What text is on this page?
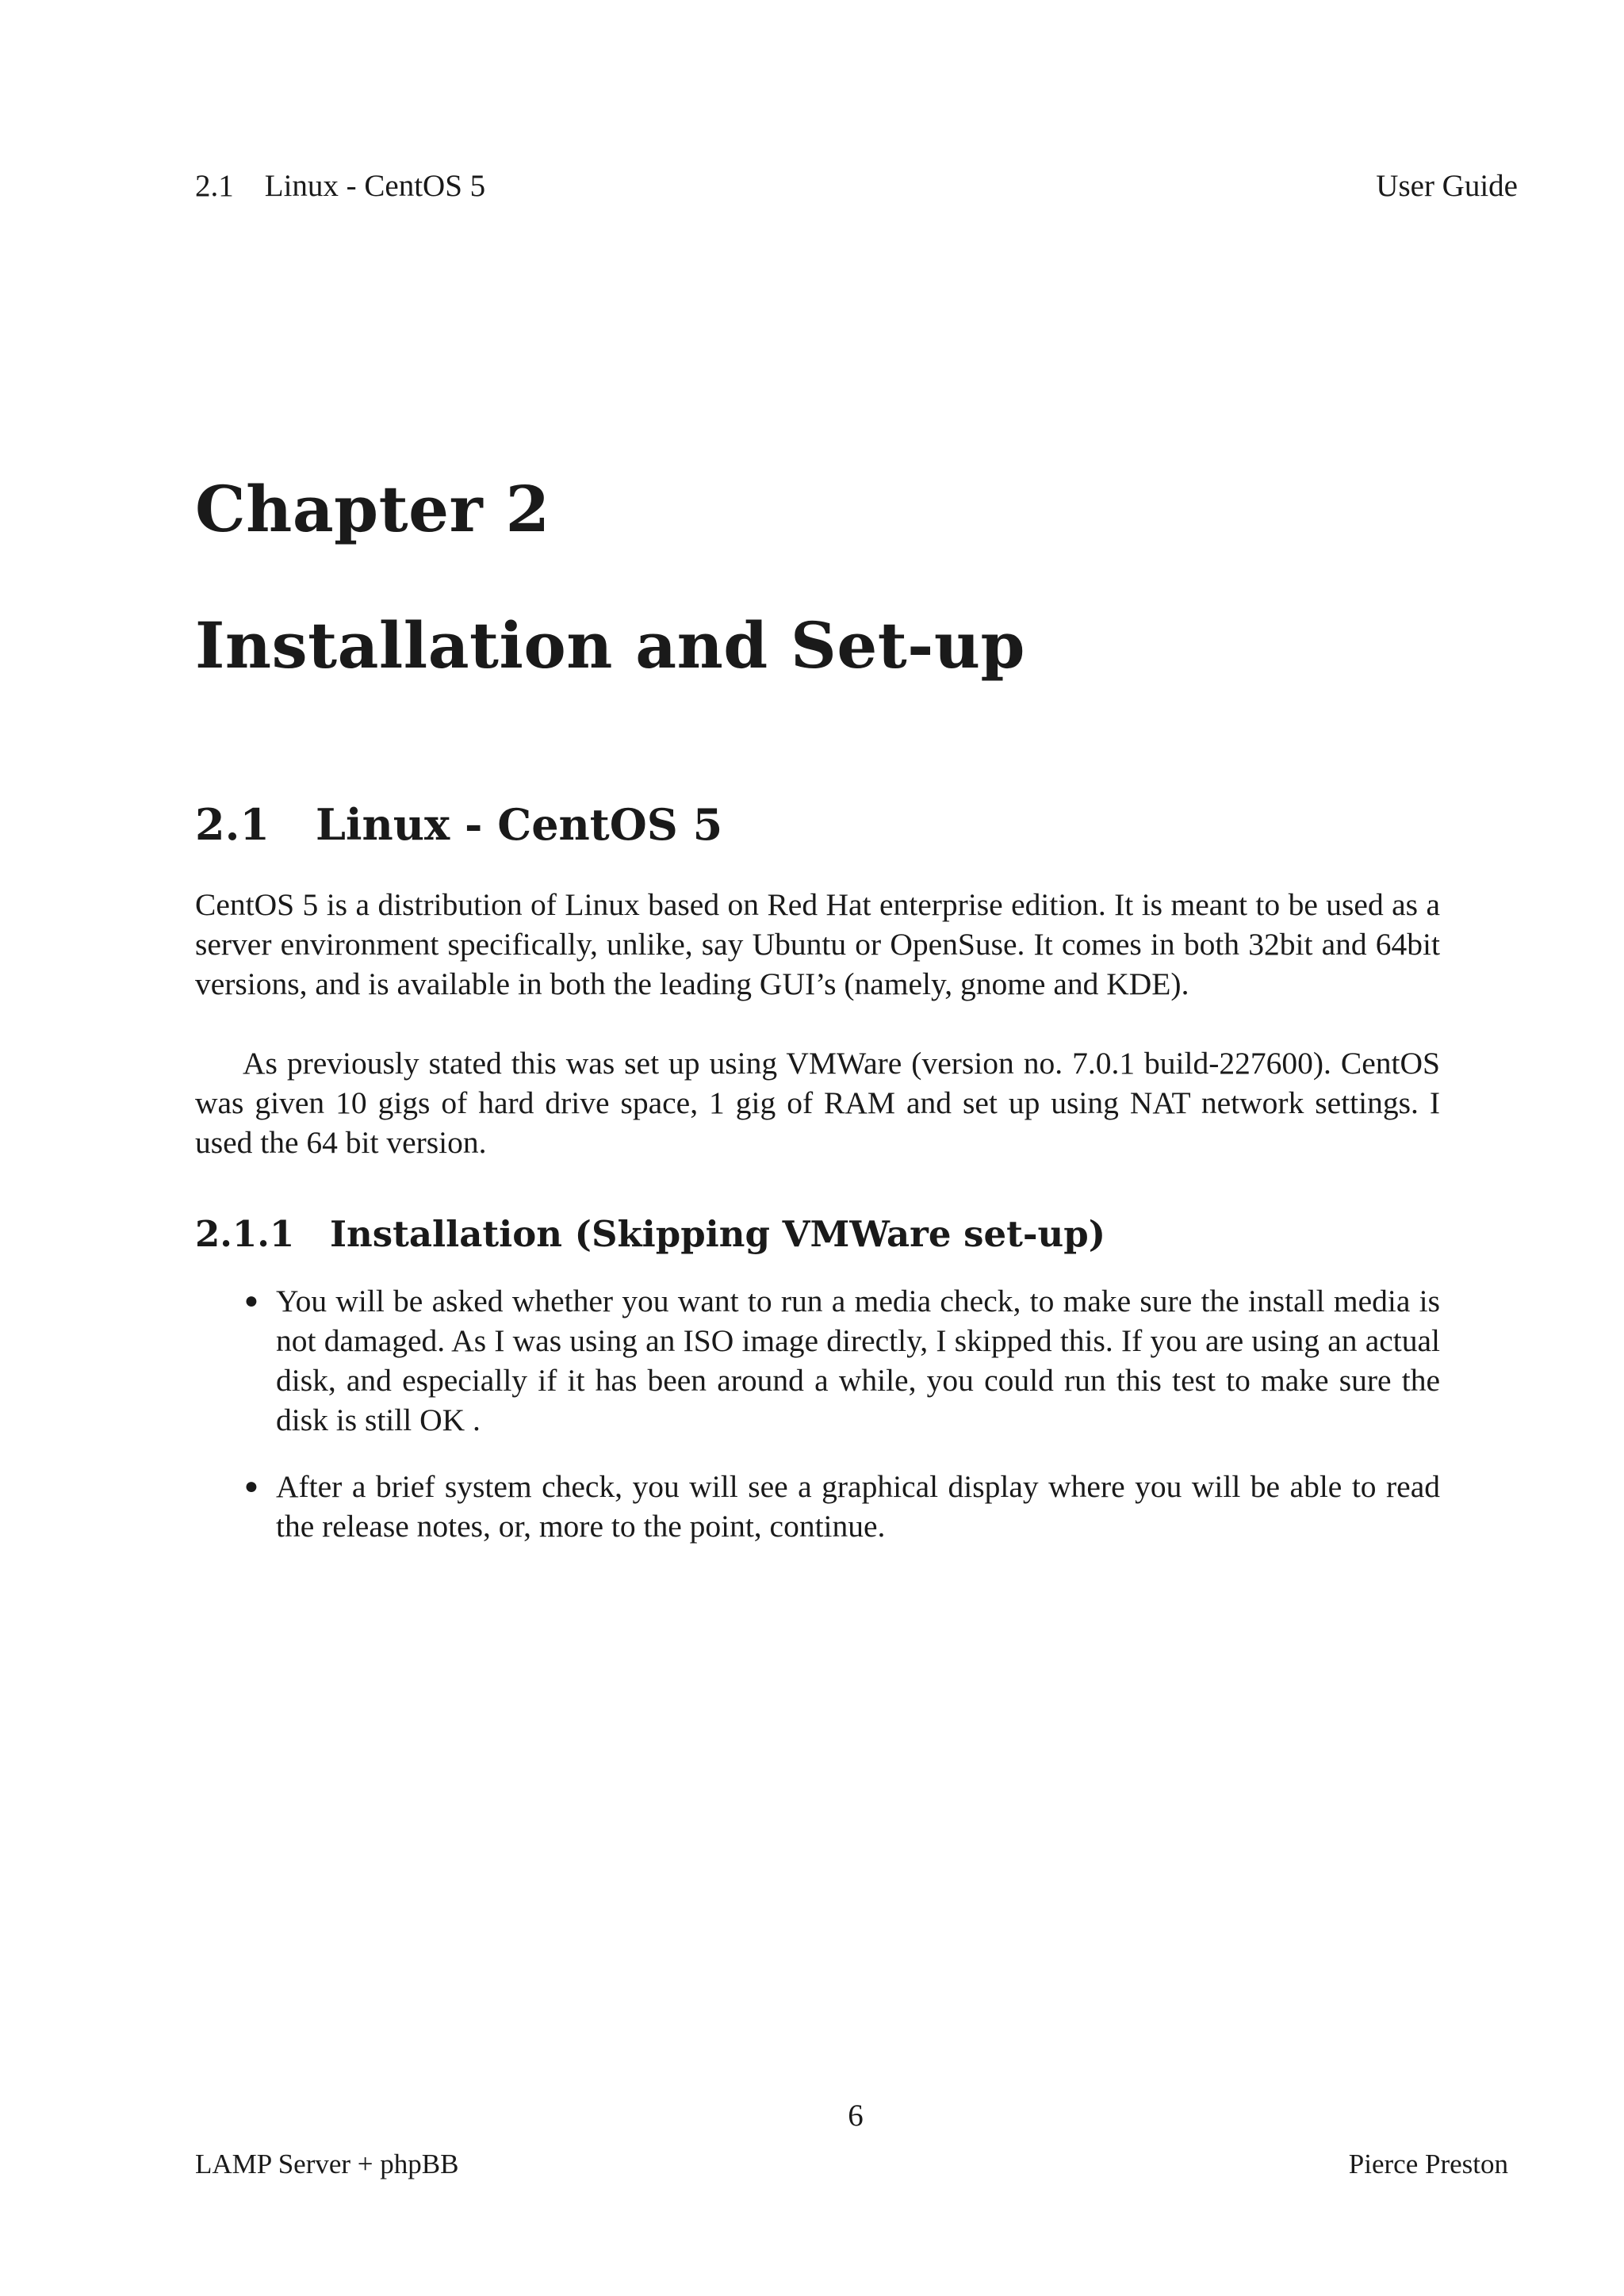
2.1    Linux - CentOS 5	User Guide
Chapter 2
Installation and Set-up
2.1	Linux - CentOS 5
CentOS 5 is a distribution of Linux based on Red Hat enterprise edition. It is meant to be used as a server environment specifically, unlike, say Ubuntu or OpenSuse. It comes in both 32bit and 64bit versions, and is available in both the leading GUI’s (namely, gnome and KDE).
As previously stated this was set up using VMWare (version no. 7.0.1 build-227600). CentOS was given 10 gigs of hard drive space, 1 gig of RAM and set up using NAT network settings. I used the 64 bit version.
2.1.1 Installation (Skipping VMWare set-up)
● You will be asked whether you want to run a media check, to make sure the install media is not damaged. As I was using an ISO image directly, I skipped this. If you are using an actual disk, and especially if it has been around a while, you could run this test to make sure the disk is still OK .
● After a brief system check, you will see a graphical display where you will be able to read the release notes, or, more to the point, continue.
6
LAMP Server + phpBB	Pierce Preston
